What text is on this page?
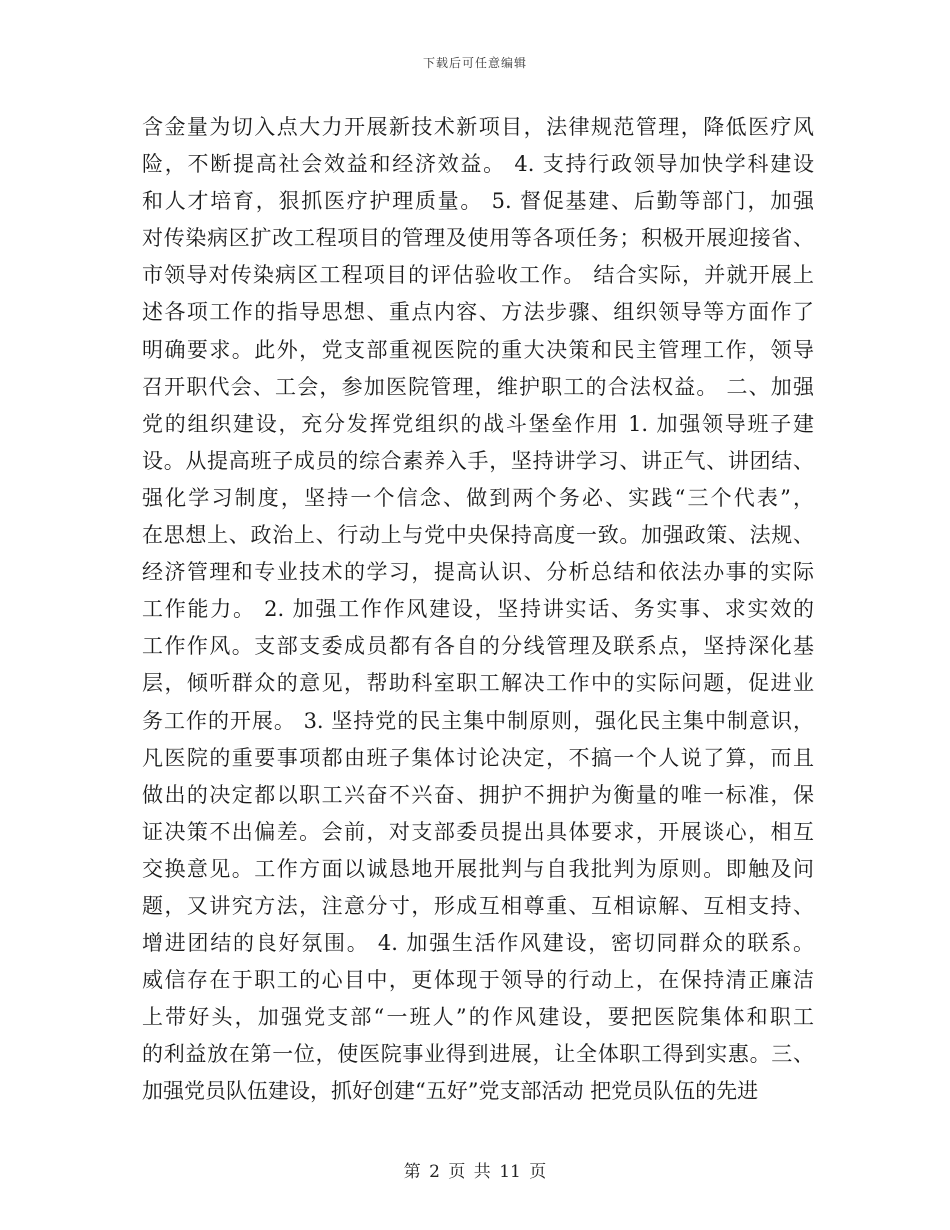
下载后可任意编辑
含金量为切入点大力开展新技术新项目，法律规范管理，降低医疗风
险，不断提高社会效益和经济效益。 4. 支持行政领导加快学科建设
和人才培育，狠抓医疗护理质量。 5. 督促基建、后勤等部门，加强
对传染病区扩改工程项目的管理及使用等各项任务；积极开展迎接省、
市领导对传染病区工程项目的评估验收工作。 结合实际，并就开展上
述各项工作的指导思想、重点内容、方法步骤、组织领导等方面作了
明确要求。此外，党支部重视医院的重大决策和民主管理工作，领导
召开职代会、工会，参加医院管理，维护职工的合法权益。 二、加强
党的组织建设，充分发挥党组织的战斗堡垒作用 1. 加强领导班子建
设。从提高班子成员的综合素养入手，坚持讲学习、讲正气、讲团结、
强化学习制度，坚持一个信念、做到两个务必、实践“三个代表”，
在思想上、政治上、行动上与党中央保持高度一致。加强政策、法规、
经济管理和专业技术的学习，提高认识、分析总结和依法办事的实际
工作能力。 2. 加强工作作风建设，坚持讲实话、务实事、求实效的
工作作风。支部支委成员都有各自的分线管理及联系点，坚持深化基
层，倾听群众的意见，帮助科室职工解决工作中的实际问题，促进业
务工作的开展。 3. 坚持党的民主集中制原则，强化民主集中制意识，
凡医院的重要事项都由班子集体讨论决定，不搞一个人说了算，而且
做出的决定都以职工兴奋不兴奋、拥护不拥护为衡量的唯一标准，保
证决策不出偏差。会前，对支部委员提出具体要求，开展谈心，相互
交换意见。工作方面以诚恳地开展批判与自我批判为原则。即触及问
题，又讲究方法，注意分寸，形成互相尊重、互相谅解、互相支持、
增进团结的良好氛围。 4. 加强生活作风建设，密切同群众的联系。
威信存在于职工的心目中，更体现于领导的行动上，在保持清正廉洁
上带好头，加强党支部“一班人”的作风建设，要把医院集体和职工
的利益放在第一位，使医院事业得到进展，让全体职工得到实惠。三、
加强党员队伍建设，抓好创建“五好”党支部活动 把党员队伍的先进
第 2 页 共 11 页
